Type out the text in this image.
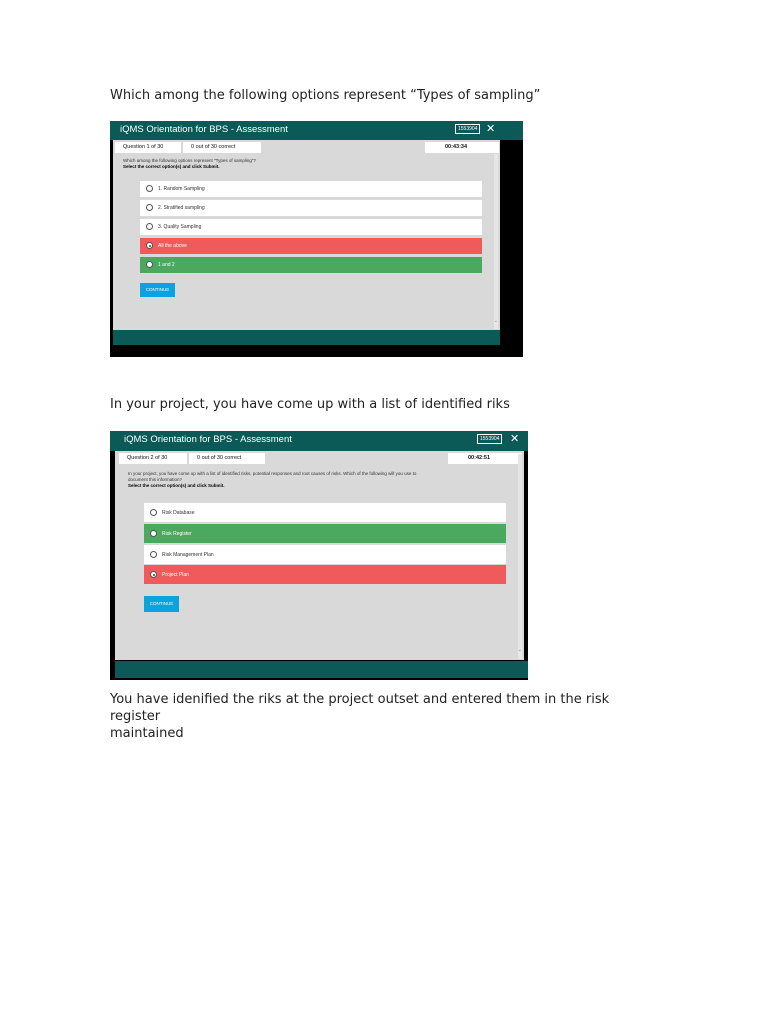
Which among the following options represent “Types of sampling”
iQMS Orientation for BPS - Assessment	1553904 ✕
Question 1 of 30	0 out of 30 correct	00:43:34
Which among the following options represent "Types of sampling"?
Select the correct option(s) and click Submit.
1. Random Sampling
2. Stratified sampling
3. Quality Sampling
All the above
1 and 2
CONTINUE
⌄
In your project, you have come up with a list of identified riks
iQMS Orientation for BPS - Assessment	1553904 ✕
Question 2 of 30	0 out of 30 correct	00:42:51
In your project, you have come up with a list of identified risks, potential responses and root causes of risks. Which of the following will you use to
document this information?
Select the correct option(s) and click Submit.
Risk Database
Risk Register
Risk Management Plan
Project Plan
CONTINUE
⌄
You have idenified the riks at the project outset and entered them in the risk register
maintained
